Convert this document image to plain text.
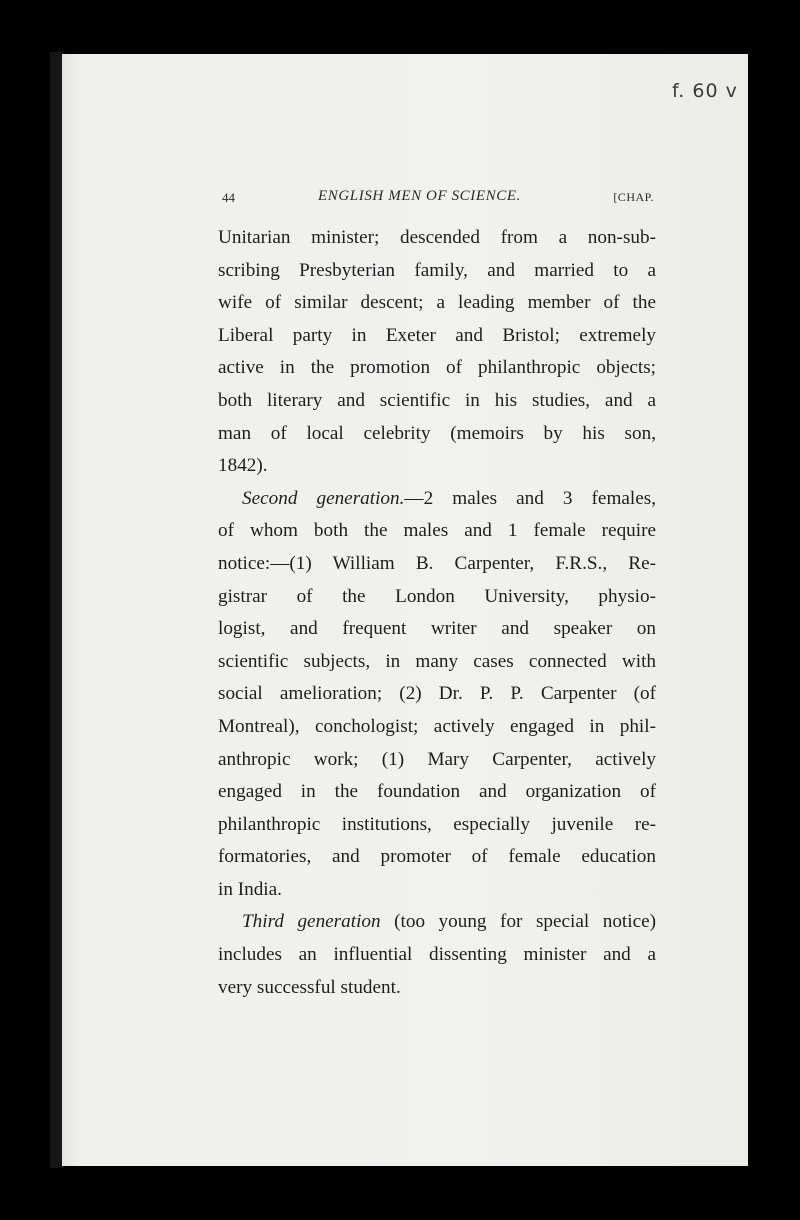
f. 60 v
44	ENGLISH MEN OF SCIENCE.	[CHAP.
Unitarian minister; descended from a non-sub-
scribing Presbyterian family, and married to a
wife of similar descent; a leading member of the
Liberal party in Exeter and Bristol; extremely
active in the promotion of philanthropic objects;
both literary and scientific in his studies, and a
man of local celebrity (memoirs by his son,
1842).
Second generation.—2 males and 3 females,
of whom both the males and 1 female require
notice:—(1) William B. Carpenter, F.R.S., Re-
gistrar of the London University, physio-
logist, and frequent writer and speaker on
scientific subjects, in many cases connected with
social amelioration; (2) Dr. P. P. Carpenter (of
Montreal), conchologist; actively engaged in phil-
anthropic work; (1) Mary Carpenter, actively
engaged in the foundation and organization of
philanthropic institutions, especially juvenile re-
formatories, and promoter of female education
in India.
Third generation (too young for special notice)
includes an influential dissenting minister and a
very successful student.
